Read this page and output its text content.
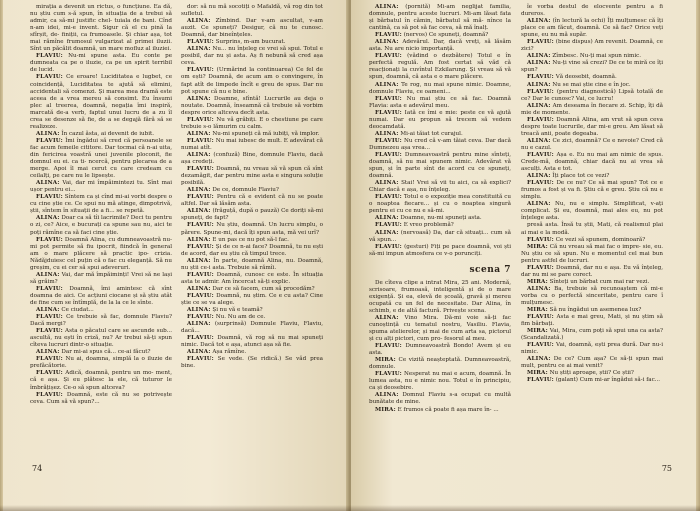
mirația a devenit un rictus, o funcțiune. Ea dă, nu știu cum s-ă spun, în situația de a trebui să admir, ca să-mi justific chel- tuiala de bani. Cînd n-am idei, mi-e invent. Sigur că el cu pină la sfîrșit, de- finiții, ca frumoasele. Și chiar așa, tot mai rămîne frumosul vulgarizat al primei iluzii. Sînt un păcălit doamnă, un mare mofluz al iluziei.

FLAVIU: Nu-mi spune asta. Eu conte pe dumneata ca pe o iluzie, ca pe un spirit terribil de lucid.

FLAVIU: Ce eroare! Luciditatea e lugbet, ce coincidență, Luciditatea te ajută să elimini, accidentali să comenzi. Și marea mea dramă este aceea de a vrea mereu să consimt. Eu însumi plec al treerea, doamnă, negația îmi inspiră, marcată de-a verb, faptul unui lucru de a zu îl crea se desenze să fie, de a se degajă fără să se realizeze.

ALINA: În cazul ăsta, ai devenit de iubit.

FLAVIU: Îmi îngădui să cred că persoanele se fac acum femeile cititore. Dar tocmai că n-ai uita, din fericirea voastră unei juvenile ploconit, fie domnul eu ei. ca ti- ncercă, pentru plecarea de a merge. Apoi îl mai cerut cu care credeam cu ceilalți, pe care nu le lipsește.

ALINA: Vai, dar mi împăimintezi tu. Sînt mai ușor pentru ei...

FLAVIU: Sîntem ca și cînd mi-ai vorbi despre o cu cine știe ce. Ce spui nu mă atinge, dimpotrivă, știi, sîntem în situații de a fi... se repetă.

ALINA: Doar ca să tîi lacrimile? Deci tu pentru o zi, ce? Aice, e bucurați ca spune sau nu, aici te poți rămîne ca să faci cine știe.

FLAVIU: Doamnă Alina, cu dumneavoastră nu-mi pot permite să fiu ipocrit, fiindcă în general am o mare plăcere să practic ipo- crizia. Nădăjduiesc cel puțin că o fac cu eleganță. Să nu greșim, cu ei cer să spui adeveruri.

ALINA: Vai, dar mă împăiminți! Vrei să ne lași să grăim?

FLAVIU: Doamnă, îmi amintesc că sînt doamna de aici. Ce acțiuni ciocane și să știu atât de fine cum se întîmplă, de la la ce le sînte.

ALINA: Ce ciudat...

FLAVIU: Ce trebuie să fac, domnule Flaviu? Dacă mergi?

FLAVIU: Asta o păcatul care se ascunde sub... ascultă, nu ești în criză, nu? Ar trebui să-ți spun cîteva lucruri dintr-o situație.

ALINA: Dar mi-ai spus că... ce-ai făcut?

FLAVIU: Nu ai, doamna, simplă la o iluzie de prefăcătorie.

FLAVIU: Adică, doamnă, pentru un mo- ment, că e așa. Și eu plătesc la ele, că tuturor le îmbrățișez. Ce-o să spun altceva?

FLAVIU: Doamnă, este că nu se potrivește ceva. Cum să vă spun?...

dor: să nu mă socotiți o Mafaldă, vă rog din tot sufletul.

ALINA: Zîmbind. Dar v-am ascultat, v-am auzit. Ce spuneți? Desigur, că nu te cunosc. Doamnă, dar bineînțeles.

FLAVIU: Surprins, m-am bucurat.

ALINA: Nu... nu înțeleg ce vrei să spui. Totul e posibil, dar nu și asta. Aș fi nebună să cred așa ceva.

FLAVIU: (Urmărind la continuarea) Ce fel de om ești? Doamnă, de acum am o convingere, în fapt atît de limpede încît e greu de spus. Dar nu pot spune că nu e bine.

ALINA: Doamne, sfîntă! Lucrurile au deja o noutate. Doamnă, înseamnă că trebuie să vorbim despre orice altceva decît asta.

FLAVIU: Nu vă grăbiți. E o chestiune pe care trebuie s-o lămurim cu calm.

ALINA: Nu-mi spuneți că mă iubiți, vă implor.

FLAVIU: Nu mai iubesc de mult. E adevărat că numai atît.

ALINA: (confuză) Bine, domnule Flaviu, dacă așa credeți.

FLAVIU: Doamnă, nu vreau să vă spun că sînt dezamăgit, dar pentru mine asta e singura soluție posibilă.

ALINA: De ce, domnule Flaviu?

FLAVIU: Pentru că e evident că nu se poate altfel. Dar să lăsăm asta.

ALINA: (frăguță, după o pauză) Ce doriți să-mi spuneți, de fapt?

FLAVIU: Nu știu, doamnă. Un lucru simplu, o părere. Spune-mi, dacă îți spun asta, mă vei urî?

ALINA: E un pas ce nu pot să-l fac.

FLAVIU: Și de ce n-ai face? Doamnă, tu nu ești de acord, dar eu știu că timpul trece.

ALINA: În parte, doamnă Alina, nu. Doamnă, nu știi ce-i asta. Trebuie să rămîi.

FLAVIU: Doamnă, cunosc ce este. În situația asta te admir. Am încercat să-ți explic.

ALINA: Dar ce să facem, cum să procedăm?

FLAVIU: Doamnă, nu știm. Ce e cu asta? Cine știe ce se va alege.

ALINA: Și nu vă e teamă?

FLAVIU: Nu. Nu am de ce.

ALINA: (surprinsă) Domnule Flaviu, Flaviu, dacă...

FLAVIU: Doamnă, vă rog să nu mai spuneți nimic. Dacă tot e așa, atunci așa să fie.

ALINA: Așa rămîne.

FLAVIU: Se vede. (Se ridică.) Se văd prea bine.

74

ALINA: (pornită) Mi-am neglijat familia, domnule, pentru aceste lucruri. Mi-am lăsat fata și bărbatul în cămin, bărbatul să mă- nînce la cantină, ca să pot să fac ceva, să mă înalț.

FLAVIU: (nervos) Ce spuneți, doamnă?

ALINA: Adevărul. Dar, dacă vreți, să lăsăm asta. Nu are nicio importanță.

FLAVIU: (vădind o dezbătere) Totul e în perfectă regulă. Am fost certat să văd că reacționați la cuvîntul Ezkilarung. Și vreau să vă spun, doamnă, că asta e o mare plăcere.

ALINA: Te rog, nu mai spune nimic. Doamne, domnule Flaviu, ce oameni...

FLAVIU: Nu mai știu ce să fac. Doamnă Flavia: asta e adevărul meu.

FLAVIU: Iată ce îmi e mie: peste ce vă ajută numai. Dar eu propun să trecem să vedem deocamdată.

ALINA: Mi-ai tăiat tot curajul.

FLAVIU: Nu cred că v-am tăiat ceva. Dar dacă Dumnezeu așa vrea...

FLAVIU: Dumneavoastră pentru mine sînteți, doamnă, să nu mai spunem nimic. Adevărat vă spun, și în parte sînt de acord cu ce spuneți, doamnă.

ALINA: Stai! Vrei să vii tu aici, ca să explici? Chiar dacă e așa, nu înțeleg.

FLAVIU: Totul e o expoziție mea constituită cu o noaptea fiecare... și cu o noaptea singură pentru ei cu ce nu e să-mi.

ALINA: Doamne, nu-mi spuneți asta.

FLAVIU: E vreo problemă?

ALINA: (nervoasă) Da, dar că situați... cum să vă spun...

FLAVIU: (gesturi) Fiți pe pace doamnă, voi ști să-mi impun atmosfera ce v-o porunciți.

scena 7

De cîteva clipe a intrat Mira, 25 ani. Modernă, scrisoare, frumoasă, inteligentă și de o mare exigență. Și ea, elevă de școală, gravă și mereu ocupată cu un fel de necesitate. Dar Alina, în schimb, e de altă factură. Privește scena.

ALINA: Vino Mira. Dă-mi voie să-ți fac cunoștință cu tematul nostru, Vasiliu. Flavia, spuma atelierelor, și mai de cum arta sa, pictorul și cu alți pictori, cum pro- fesorul al meu.

FLAVIU: Dumneavoastră Bondo! Avem și eu asta.

MIRA: Ce vizită neașteptată. Dumneavoastră, domnule.

FLAVIU: Nesperat nu mai e acum, doamnă. În lumea asta, nu e nimic nou. Totul e în principiu, ca și deosebire.

ALINA: Domnul Flaviu s-a ocupat cu multă bunătate de mine.

MIRA: E frumos că poate fi așa mare în- ...

îe vorba destul de elocvente pentru a fi dureros.

ALINA: (în lectură la ochi) Îți mulțumesc că îți place ce am făcut, doamnă. Ce să fac? Orice veți spune, eu nu mă supăr.

FLAVIU: (bine dispus) Am revenit. Doamnă, ce zici?

ALINA: Zîmbesc. Nu-ți mai spun nimic.

ALINA: Nu-ți vine să crezi? De ce te miră ce îți spun?

FLAVIU: Vă deosebit, doamnă.

ALINA: Nu se mai știe cine e în joc.

FLAVIU: (pentru diagnostică) Lipsă totală de ce? Dar le cunosc? Vai, ce lucru!

ALINA: Am deseama în fiecare zi. Schip, îți dă mie de momente.

FLAVIU: Doamnă Alina, am vrut să spun ceva despre toate lucrurile, dar mi-e greu. Am lăsat să treacă anii, poate degeaba.

ALINA: Ce zici, doamnă? Ce e nevoie? Cred că nu e cazul.

FLAVIU: Așa e. Eu nu mai am nimic de spus. Crede-mă, doamnă, chiar dacă nu ai vrea să asculți. Asta e tot.

ALINA: Îți place tot ce vezi?

FLAVIU: De ce nu? Ce să mai spun? Tot ce e frumos a fost și va fi. Știu că e greu. Știu că nu e simplu.

ALINA: Nu, nu e simplu. Simplificat, v-ați complicat. Și eu, doamnă, mai ales eu, nu pot înțelege asta.

presă asta. Însă tu știi, Mati, că realismul plai ai mai e la modă.

FLAVIU: Ce vezi să spunem, dominoară?

MIRA: Că nu vreau să mai fac o impre- sie, eu. Nu știu ce să spun. Nu e momentul cel mai bun pentru astfel de lucruri.

FLAVIU: Doamnă, dar nu e așa. Eu vă înțeleg, dar nu mi se pare corect.

MIRA: Sînteți un bărbat cum mai rar vezi.

ALINA: Ba, trebuie să recunoaștem că mi-e vorba cu o perfectă sinceritate, pentru care î mulțumesc.

MIRA: Să nu îngădui un asemenea lux?

FLAVIU: Asta e mai greu, Mati, și nu știm să fim bărbați.

MIRA: Vai, Mira, cum poți să spui una ca asta? (Scandalizată.)

FLAVIU: Vai, doamnă, ești prea dură. Dar nu-i nimic.

ALINA: De ce? Cum așa? Ce să-ți spun mai mult, pentru ce ai mai venit?

MIRA: Nu știți aproape, știi? Ce știi?

FLAVIU: (galant) Cum mi-ar îngădui să-i fac...

75
